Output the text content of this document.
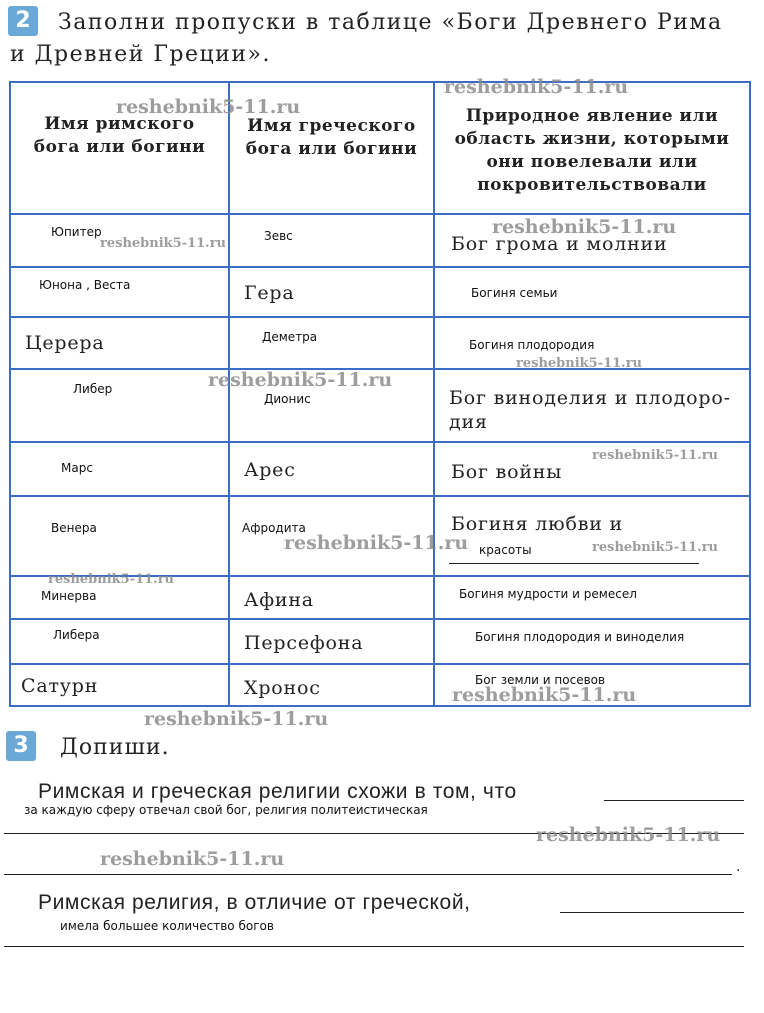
2	Заполни пропуски в таблице «Боги Древнего Рима
и Древней Греции».
Имя римского бога или богини	Имя греческого бога или богини	Природное явление или область жизни, которыми они повелевали или покровительствовали

Юпитер	Зевс	Бог грома и молнии

Юнона , Веста	Гера	Богиня семьи

Церера	Деметра	Богиня плодородия

Либер	Дионис	Бог виноделия и плодоро-
дия

Марс	Арес	Бог войны

Венера	Афродита	Богиня любви и
красоты

Минерва	Афина	Богиня мудрости и ремесел

Либера	Персефона	Богиня плодородия и виноделия

Сатурн	Хронос	Бог земли и посевов
3	Допиши.
Римская и греческая религии схожи в том, что
за каждую сферу отвечал свой бог, религия политеистическая
.
Римская религия, в отличие от греческой,
имела большее количество богов
reshebnik5-11.ru
reshebnik5-11.ru
reshebnik5-11.ru
reshebnik5-11.ru
reshebnik5-11.ru
reshebnik5-11.ru
reshebnik5-11.ru
reshebnik5-11.ru	reshebnik5-11.ru
reshebnik5-11.ru
reshebnik5-11.ru
reshebnik5-11.ru
reshebnik5-11.ru
reshebnik5-11.ru
